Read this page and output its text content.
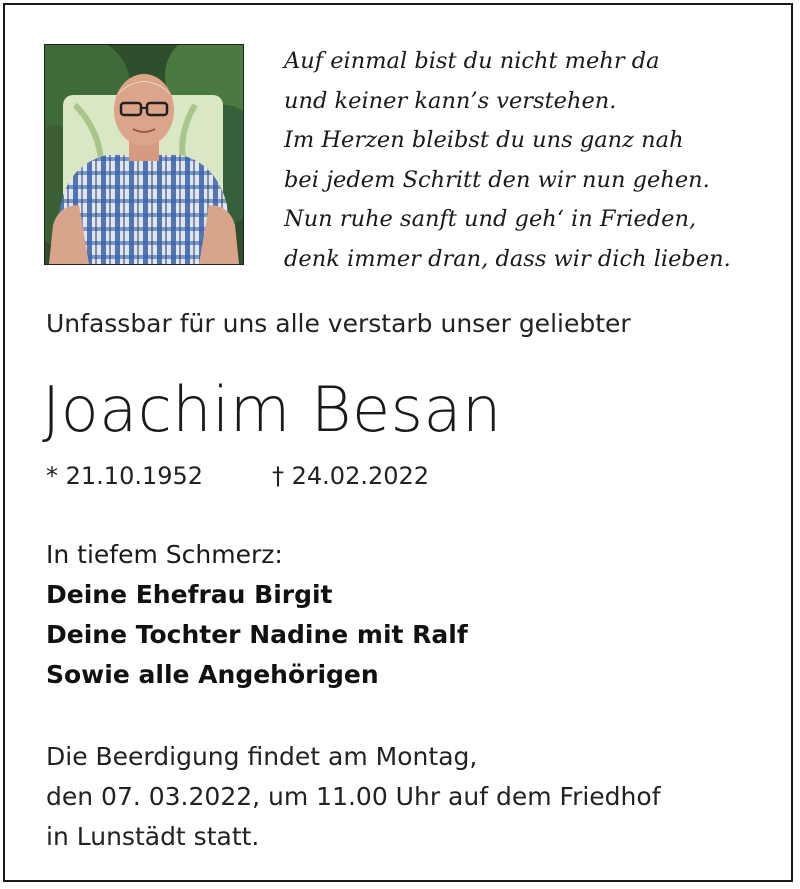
Auf einmal bist du nicht mehr da
und keiner kann’s verstehen.
Im Herzen bleibst du uns ganz nah
bei jedem Schritt den wir nun gehen.
Nun ruhe sanft und geh‘ in Frieden,
denk immer dran, dass wir dich lieben.
Unfassbar für uns alle verstarb unser geliebter
Joachim Besan
* 21.10.1952	† 24.02.2022
In tiefem Schmerz:
Deine Ehefrau Birgit
Deine Tochter Nadine mit Ralf
Sowie alle Angehörigen
Die Beerdigung findet am Montag,
den 07. 03.2022, um 11.00 Uhr auf dem Friedhof
in Lunstädt statt.
